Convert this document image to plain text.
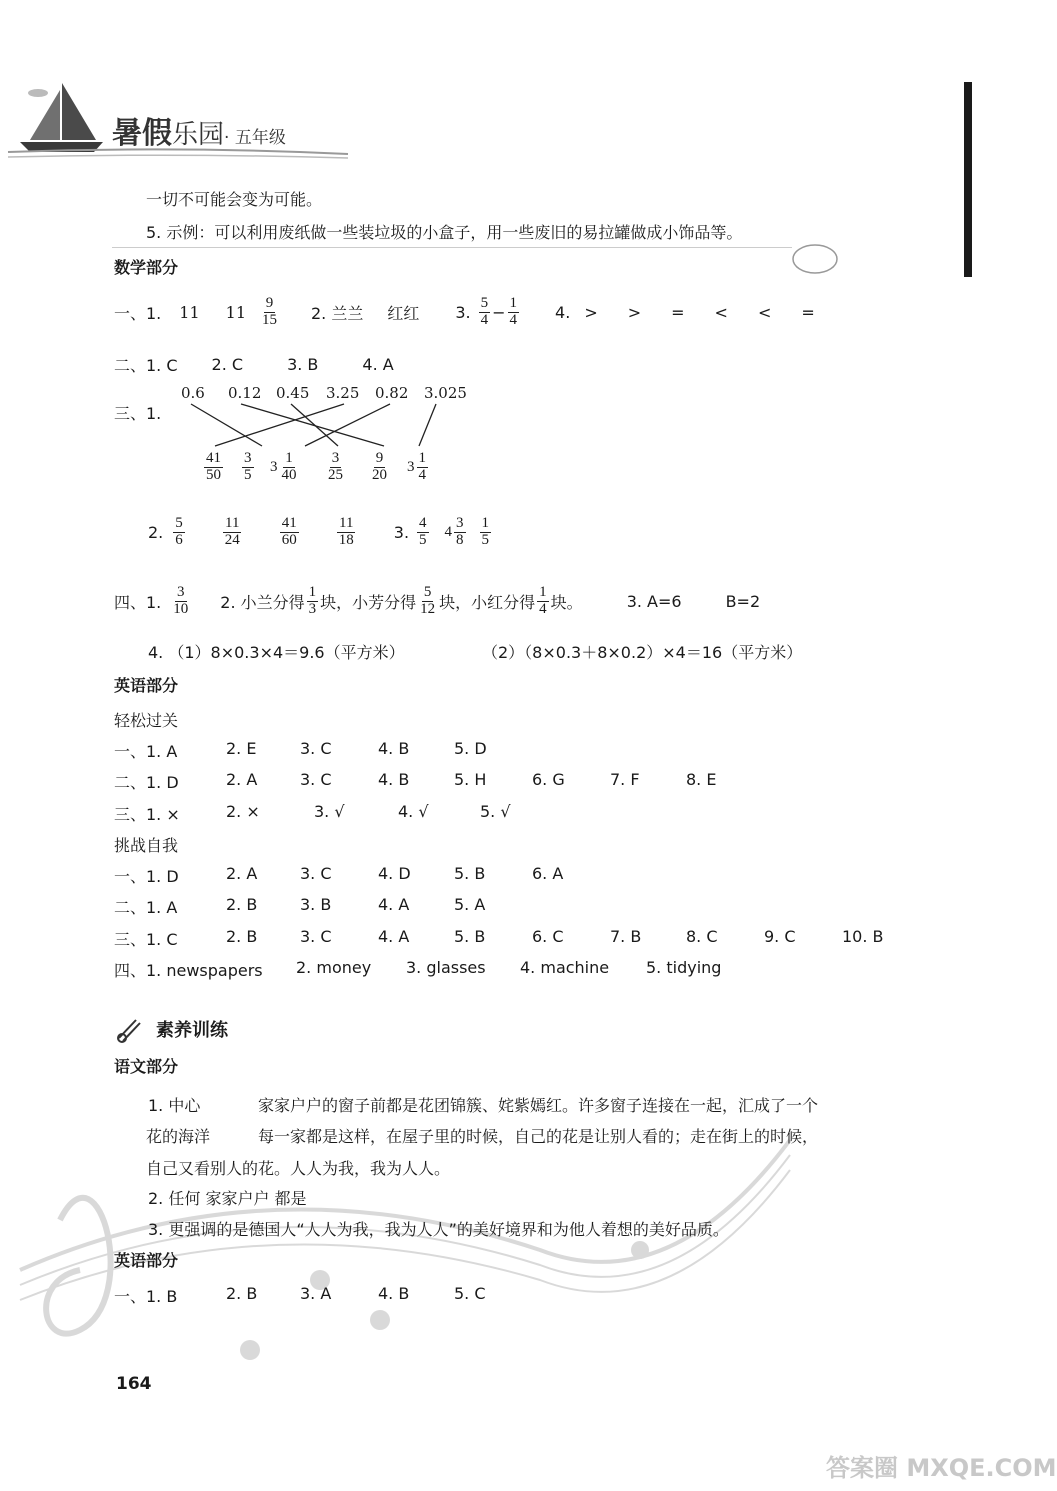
暑假乐园· 五年级
一切不可能会变为可能。
5. 示例：可以利用废纸做一些装垃圾的小盒子，用一些废旧的易拉罐做成小饰品等。
数学部分
一、1. 11 $11 \frac{9}{15} 2$. 兰兰 红红 3. $\frac{5}{4} - \frac{1}{4} 4$. > > = < < =
二、1. C 2. C	3. B	4. A
三、1.
0.6 0.12 0.45 3.25 0.82 3.025
$\frac{41}{50} \frac{3}{5} 3 \frac{1}{40} \frac{3}{25} \frac{9}{20} 3 \frac{1}{4}$
2. $\frac{5}{6}$	$\frac{11}{24}$	$\frac{41}{60}$	$\frac{11}{18} 3$. $\frac{4}{5} 4 \frac{3}{8} \frac{1}{5}$
四、1. $\frac{3}{10} 2$. 小兰分得 $\frac{1}{3}$ 块，小芳分得 $\frac{5}{12}$ 块，小红分得 $\frac{1}{4}$ 块。	3. A=6	B=2
4. （1）8×0.3×4＝9.6（平方米）	（2）（8×0.3＋8×0.2）×4＝16（平方米）
英语部分
轻松过关
一、1. A	2. E	3. C	4. B	5. D
二、1. D	2. A	3. C	4. B	5. H	6. G	7. F	8. E
三、1. ×	2. ×	3. √	4. √	5. √
挑战自我
一、1. D	2. A	3. C	4. D	5. B	6. A
二、1. A	2. B	3. B	4. A	5. A
三、1. C	2. B	3. C	4. A	5. B	6. C	7. B	8. C	9. C	10. B
四、1. newspapers 2. money 3. glasses 4. machine 5. tidying
素养训练
语文部分
1. 中心	家家户户的窗子前都是花团锦簇、姹紫嫣红。许多窗子连接在一起，汇成了一个
花的海洋	每一家都是这样，在屋子里的时候，自己的花是让别人看的；走在街上的时候，
自己又看别人的花。人人为我，我为人人。
2. 任何 家家户户 都是
3. 更强调的是德国人“人人为我，我为人人”的美好境界和为他人着想的美好品质。
英语部分
一、1. B	2. B	3. A	4. B	5. C
164
答案圈 MXQE.COM
